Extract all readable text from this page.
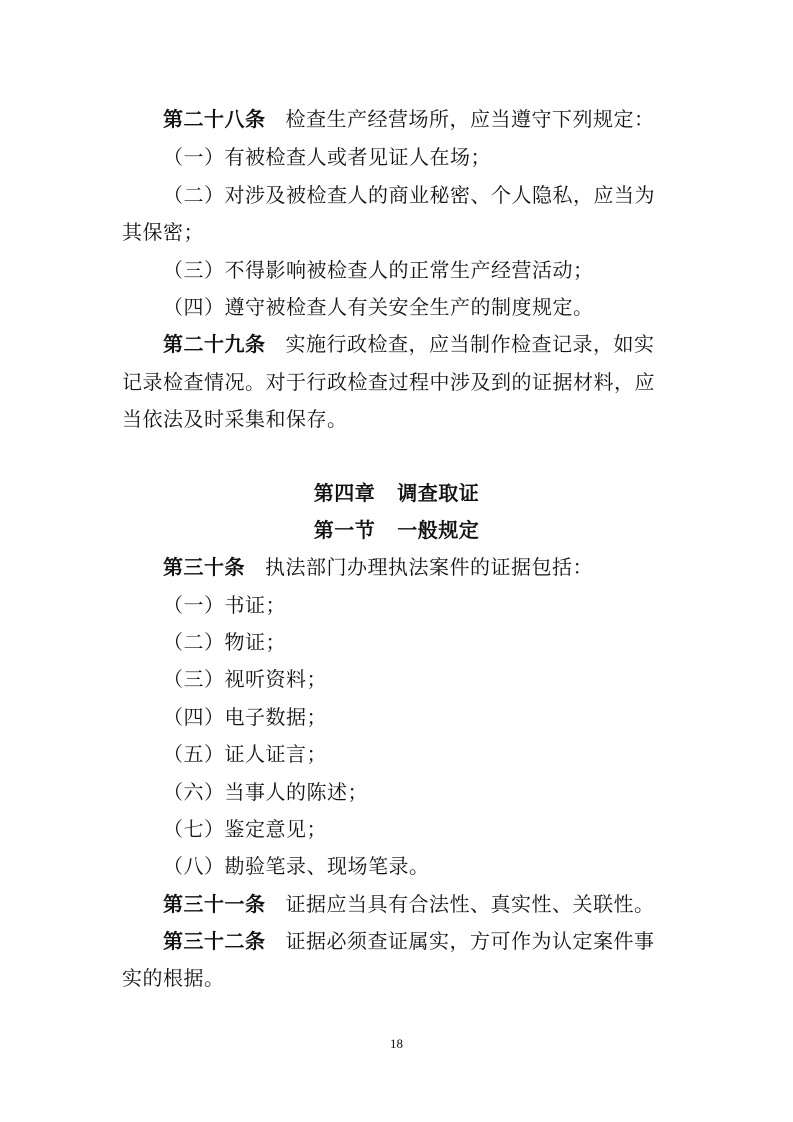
第二十八条 检查生产经营场所，应当遵守下列规定：
（一）有被检查人或者见证人在场；
（二）对涉及被检查人的商业秘密、个人隐私，应当为
其保密；
（三）不得影响被检查人的正常生产经营活动；
（四）遵守被检查人有关安全生产的制度规定。
第二十九条 实施行政检查，应当制作检查记录，如实
记录检查情况。对于行政检查过程中涉及到的证据材料，应
当依法及时采集和保存。
第四章 调查取证
第一节 一般规定
第三十条 执法部门办理执法案件的证据包括：
（一）书证；
（二）物证；
（三）视听资料；
（四）电子数据；
（五）证人证言；
（六）当事人的陈述；
（七）鉴定意见；
（八）勘验笔录、现场笔录。
第三十一条 证据应当具有合法性、真实性、关联性。
第三十二条 证据必须查证属实，方可作为认定案件事
实的根据。
18
